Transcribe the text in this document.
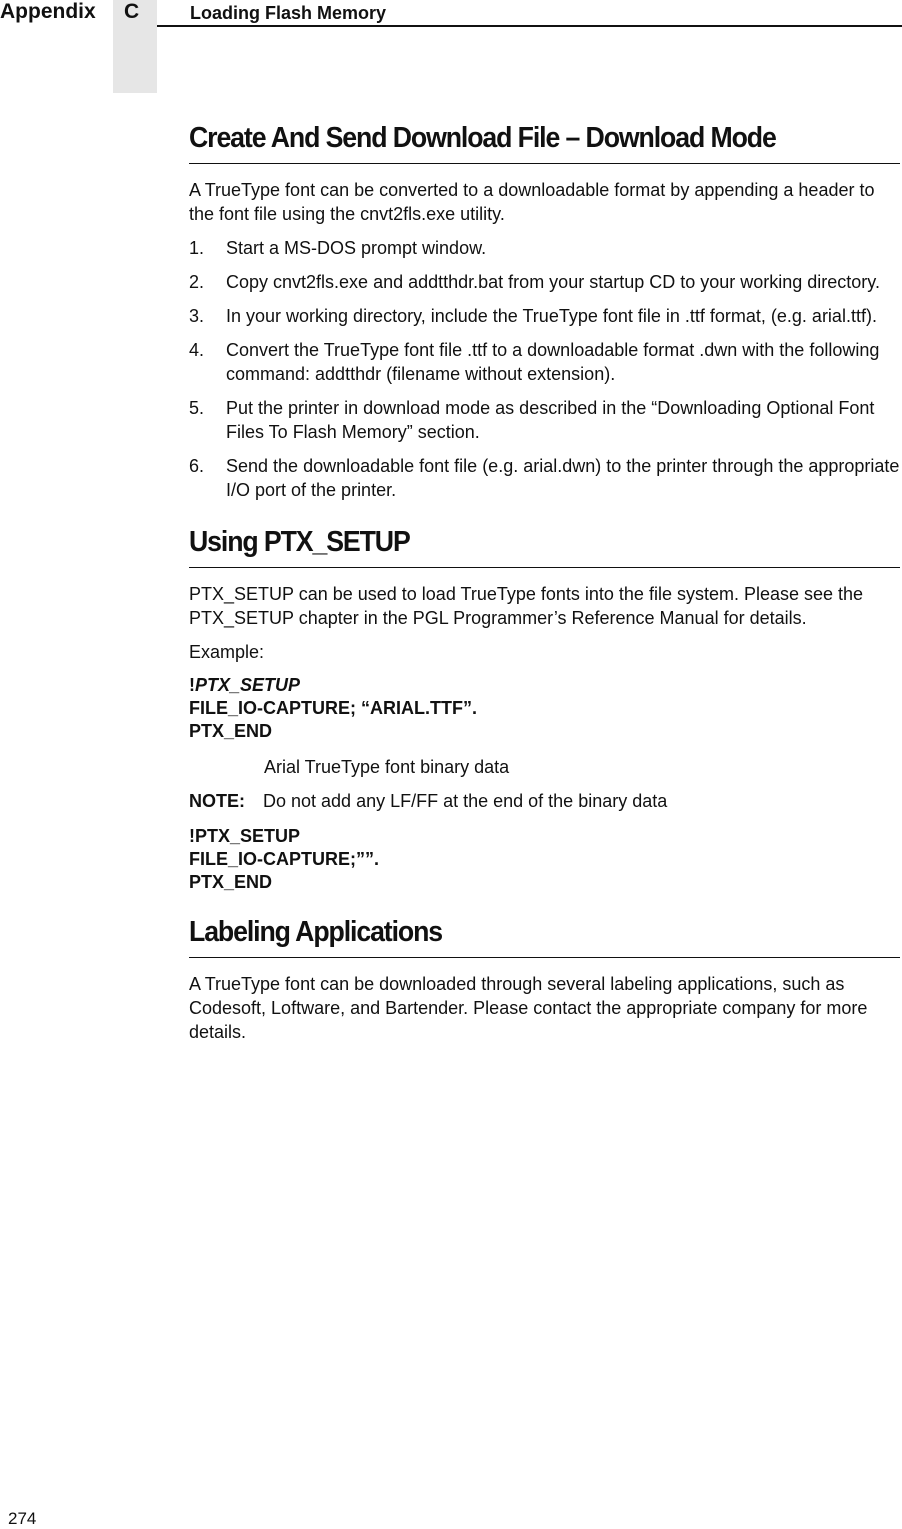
Appendix C	Loading Flash Memory
Create And Send Download File – Download Mode

A TrueType font can be converted to a downloadable format by appending a header to the font file using the cnvt2fls.exe utility.

1. Start a MS-DOS prompt window.
2. Copy cnvt2fls.exe and addtthdr.bat from your startup CD to your working directory.
3. In your working directory, include the TrueType font file in .ttf format, (e.g. arial.ttf).
4. Convert the TrueType font file .ttf to a downloadable format .dwn with the following command: addtthdr (filename without extension).
5. Put the printer in download mode as described in the “Downloading Optional Font Files To Flash Memory” section.
6. Send the downloadable font file (e.g. arial.dwn) to the printer through the appropriate I/O port of the printer.
Using PTX_SETUP

PTX_SETUP can be used to load TrueType fonts into the file system. Please see the PTX_SETUP chapter in the PGL Programmer’s Reference Manual for details.

Example:

!PTX_SETUP
FILE_IO-CAPTURE; “ARIAL.TTF”.
PTX_END
Arial TrueType font binary data
NOTE: Do not add any LF/FF at the end of the binary data
!PTX_SETUP
FILE_IO-CAPTURE;””.
PTX_END
Labeling Applications

A TrueType font can be downloaded through several labeling applications, such as Codesoft, Loftware, and Bartender. Please contact the appropriate company for more details.

274
